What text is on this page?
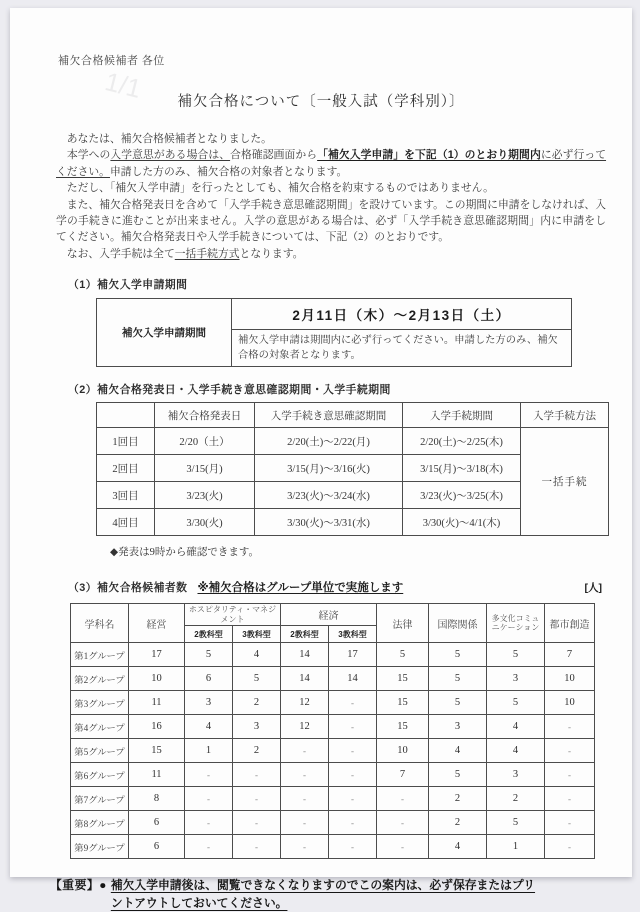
補欠合格候補者 各位
1/1	補欠合格について〔一般入試（学科別）〕

　あなたは、補欠合格候補者となりました。

　本学への入学意思がある場合は、合格確認画面から「補欠入学申請」を下記（1）のとおり期間内に必ず行ってください。申請した方のみ、補欠合格の対象者となります。

　ただし、「補欠入学申請」を行ったとしても、補欠合格を約束するものではありません。

　また、補欠合格発表日を含めて「入学手続き意思確認期間」を設けています。この期間に申請をしなければ、入学の手続きに進むことが出来ません。入学の意思がある場合は、必ず「入学手続き意思確認期間」内に申請をしてください。補欠合格発表日や入学手続きについては、下記（2）のとおりです。

　なお、入学手続は全て一括手続方式となります。

（1）補欠入学申請期間
補欠入学申請期間	2月11日（木）～2月13日（土）
補欠入学申請は期間内に必ず行ってください。申請した方のみ、補欠合格の対象者となります。
（2）補欠合格発表日・入学手続き意思確認期間・入学手続期間
	補欠合格発表日	入学手続き意思確認期間	入学手続期間	入学手続方法
1回目	2/20（土）	2/20(土)～2/22(月)	2/20(土)～2/25(木)	一括手続
2回目	3/15(月)	3/15(月)～3/16(火)	3/15(月)～3/18(木)	
3回目	3/23(火)	3/23(火)～3/24(水)	3/23(火)～3/25(木)	
4回目	3/30(火)	3/30(火)～3/31(水)	3/30(火)～4/1(木)	
◆発表は9時から確認できます。
（3）補欠合格候補者数 ※補欠合格はグループ単位で実施します	[人]
学科名	経営	ホスピタリティ・マネジメント		経済		法律	国際関係	多文化コミュニケーション	都市創造
		2教科型	3教科型	2教科型	3教科型				
第1グループ	17	5	4	14	17	5	5	5	7
第2グループ	10	6	5	14	14	15	5	3	10
第3グループ	11	3	2	12	-	15	5	5	10
第4グループ	16	4	3	12	-	15	3	4	-
第5グループ	15	1	2	-	-	10	4	4	-
第6グループ	11	-	-	-	-	7	5	3	-
第7グループ	8	-	-	-	-	-	2	2	-
第8グループ	6	-	-	-	-	-	2	5	-
第9グループ	6	-	-	-	-	-	4	1	-
【重要】● 補欠入学申請後は、閲覧できなくなりますのでこの案内は、必ず保存またはプリントアウトしておいてください。
